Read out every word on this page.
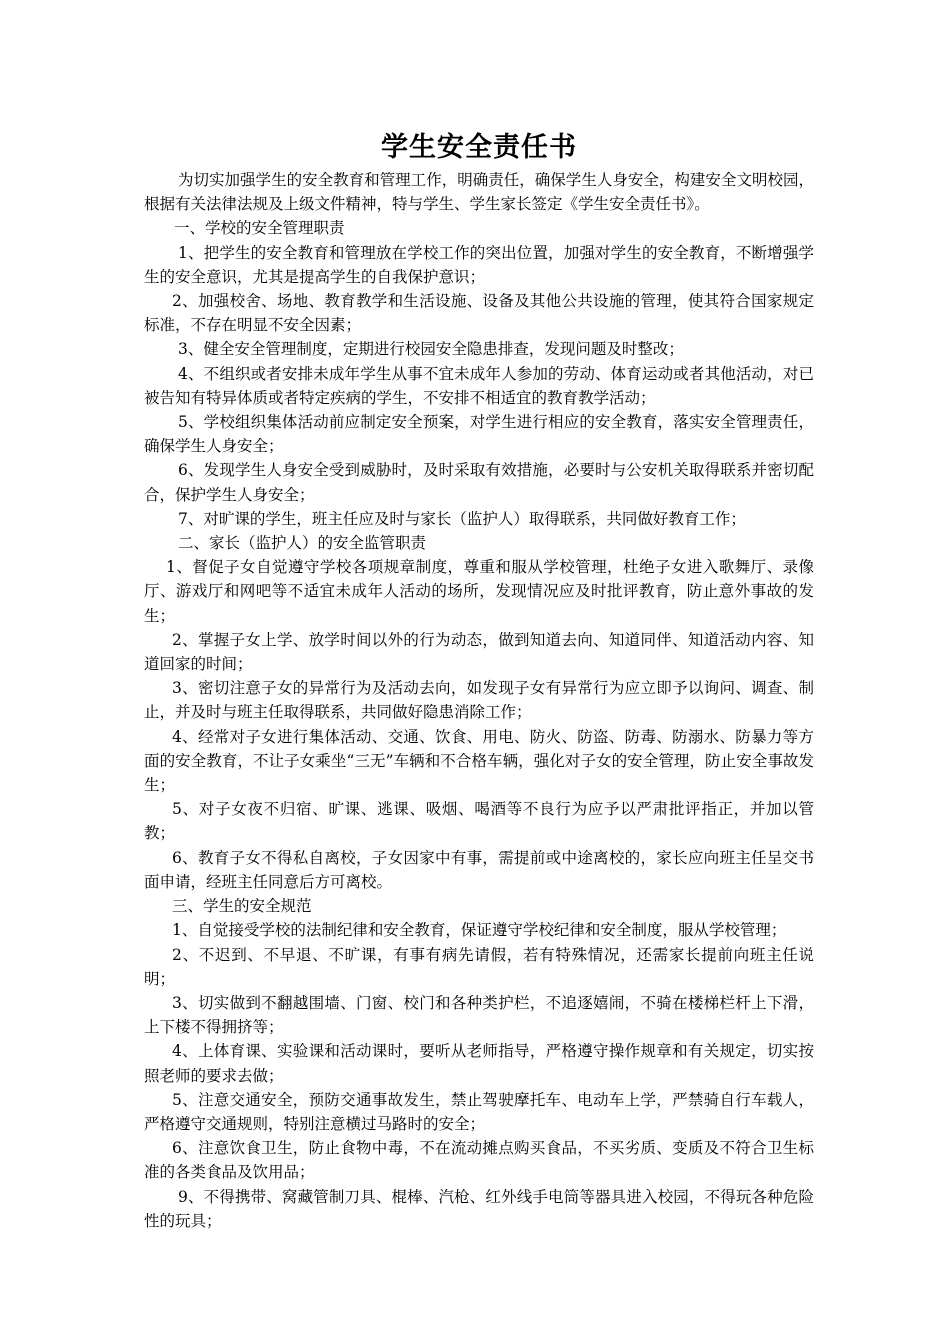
学生安全责任书

为切实加强学生的安全教育和管理工作，明确责任，确保学生人身安全，构建安全文明校园，根据有关法律法规及上级文件精神，特与学生、学生家长签定《学生安全责任书》。

一、学校的安全管理职责

1、把学生的安全教育和管理放在学校工作的突出位置，加强对学生的安全教育，不断增强学生的安全意识，尤其是提高学生的自我保护意识；

2、加强校舍、场地、教育教学和生活设施、设备及其他公共设施的管理，使其符合国家规定标准，不存在明显不安全因素；

3、健全安全管理制度，定期进行校园安全隐患排查，发现问题及时整改；

4、不组织或者安排未成年学生从事不宜未成年人参加的劳动、体育运动或者其他活动，对已被告知有特异体质或者特定疾病的学生，不安排不相适宜的教育教学活动；

5、学校组织集体活动前应制定安全预案，对学生进行相应的安全教育，落实安全管理责任，确保学生人身安全；

6、发现学生人身安全受到威胁时，及时采取有效措施，必要时与公安机关取得联系并密切配合，保护学生人身安全；

7、对旷课的学生，班主任应及时与家长（监护人）取得联系，共同做好教育工作；

二、家长（监护人）的安全监管职责

1、督促子女自觉遵守学校各项规章制度，尊重和服从学校管理，杜绝子女进入歌舞厅、录像厅、游戏厅和网吧等不适宜未成年人活动的场所，发现情况应及时批评教育，防止意外事故的发生；

2、掌握子女上学、放学时间以外的行为动态，做到知道去向、知道同伴、知道活动内容、知道回家的时间；

3、密切注意子女的异常行为及活动去向，如发现子女有异常行为应立即予以询问、调查、制止，并及时与班主任取得联系，共同做好隐患消除工作；

4、经常对子女进行集体活动、交通、饮食、用电、防火、防盗、防毒、防溺水、防暴力等方面的安全教育，不让子女乘坐“三无”车辆和不合格车辆，强化对子女的安全管理，防止安全事故发生；

5、对子女夜不归宿、旷课、逃课、吸烟、喝酒等不良行为应予以严肃批评指正，并加以管教；

6、教育子女不得私自离校，子女因家中有事，需提前或中途离校的，家长应向班主任呈交书面申请，经班主任同意后方可离校。

三、学生的安全规范

1、自觉接受学校的法制纪律和安全教育，保证遵守学校纪律和安全制度，服从学校管理；

2、不迟到、不早退、不旷课，有事有病先请假，若有特殊情况，还需家长提前向班主任说明；

3、切实做到不翻越围墙、门窗、校门和各种类护栏，不追逐嬉闹，不骑在楼梯栏杆上下滑，上下楼不得拥挤等；

4、上体育课、实验课和活动课时，要听从老师指导，严格遵守操作规章和有关规定，切实按照老师的要求去做；

5、注意交通安全，预防交通事故发生，禁止驾驶摩托车、电动车上学，严禁骑自行车载人，严格遵守交通规则，特别注意横过马路时的安全；

6、注意饮食卫生，防止食物中毒，不在流动摊点购买食品，不买劣质、变质及不符合卫生标准的各类食品及饮用品；

9、不得携带、窝藏管制刀具、棍棒、汽枪、红外线手电筒等器具进入校园，不得玩各种危险性的玩具；
